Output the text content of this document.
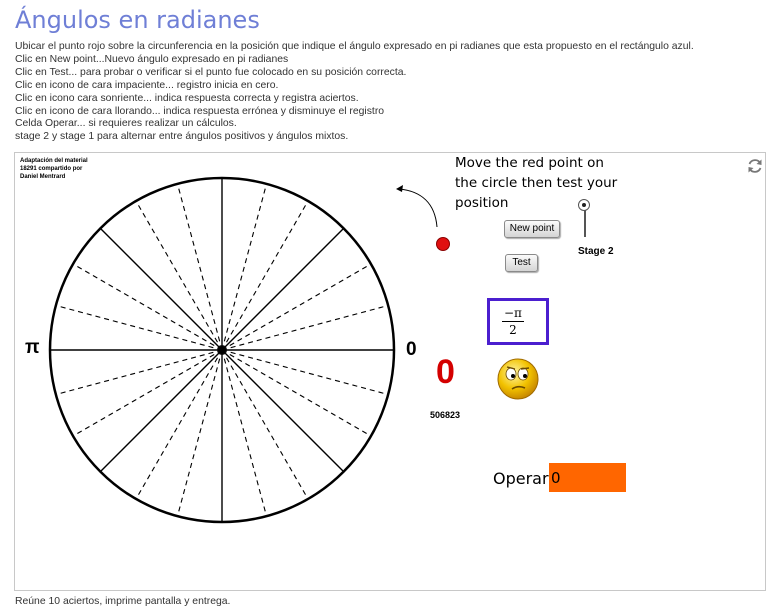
Ángulos en radianes
Ubicar el punto rojo sobre la circunferencia en la posición que indique el ángulo expresado en pi radianes que esta propuesto en el rectángulo azul.
Clic en New point...Nuevo ángulo expresado en pi radianes
Clic en Test... para probar o verificar si el punto fue colocado en su posición correcta.
Clic en icono de cara impaciente... registro inicia en cero.
Clic en icono cara sonriente... indica respuesta correcta y registra aciertos.
Clic en icono de cara llorando... indica respuesta errónea y disminuye el registro
Celda Operar... si requieres realizar un cálculos.
stage 2 y stage 1 para alternar entre ángulos positivos y ángulos mixtos.
Adaptación del material
18291 compartido por
Daniel Mentrard
π	0
Move the red point on
the circle then test your
position
New point
Test
Stage 2
$\frac{-\pi}{2}$
0
506823
Operar
0
Reúne 10 aciertos, imprime pantalla y entrega.
